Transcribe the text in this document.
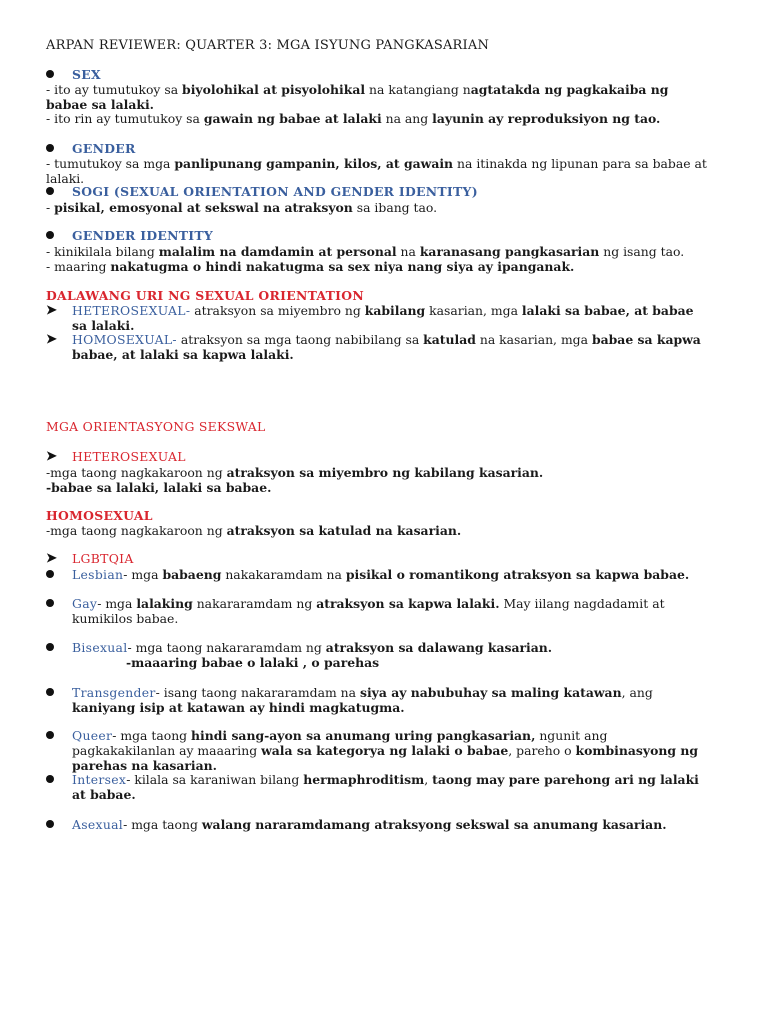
ARPAN REVIEWER: QUARTER 3: MGA ISYUNG PANGKASARIAN
SEX
- ito ay tumutukoy sa biyolohikal at pisyolohikal na katangiang nagtatakda ng pagkakaiba ng babae sa lalaki.
- ito rin ay tumutukoy sa gawain ng babae at lalaki na ang layunin ay reproduksiyon ng tao.
GENDER
- tumutukoy sa mga panlipunang gampanin, kilos, at gawain na itinakda ng lipunan para sa babae at lalaki.
SOGI (SEXUAL ORIENTATION AND GENDER IDENTITY)
- pisikal, emosyonal at sekswal na atraksyon sa ibang tao.
GENDER IDENTITY
- kinikilala bilang malalim na damdamin at personal na karanasang pangkasarian ng isang tao.
- maaring nakatugma o hindi nakatugma sa sex niya nang siya ay ipanganak.
DALAWANG URI NG SEXUAL ORIENTATION
➤ HETEROSEXUAL- atraksyon sa miyembro ng kabilang kasarian, mga lalaki sa babae, at babae sa lalaki.
➤ HOMOSEXUAL- atraksyon sa mga taong nabibilang sa katulad na kasarian, mga babae sa kapwa babae, at lalaki sa kapwa lalaki.
MGA ORIENTASYONG SEKSWAL
➤ HETEROSEXUAL
-mga taong nagkakaroon ng atraksyon sa miyembro ng kabilang kasarian.
-babae sa lalaki, lalaki sa babae.
HOMOSEXUAL
-mga taong nagkakaroon ng atraksyon sa katulad na kasarian.
➤ LGBTQIA
Lesbian- mga babaeng nakakaramdam na pisikal o romantikong atraksyon sa kapwa babae.
Gay- mga lalaking nakararamdam ng atraksyon sa kapwa lalaki. May iilang nagdadamit at kumikilos babae.
Bisexual- mga taong nakararamdam ng atraksyon sa dalawang kasarian.
-maaaring babae o lalaki , o parehas
Transgender- isang taong nakararamdam na siya ay nabubuhay sa maling katawan, ang kaniyang isip at katawan ay hindi magkatugma.
Queer- mga taong hindi sang-ayon sa anumang uring pangkasarian, ngunit ang pagkakakilanlan ay maaaring wala sa kategorya ng lalaki o babae, pareho o kombinasyong ng parehas na kasarian.
Intersex- kilala sa karaniwan bilang hermaphroditism, taong may pare parehong ari ng lalaki at babae.
Asexual- mga taong walang nararamdamang atraksyong sekswal sa anumang kasarian.
